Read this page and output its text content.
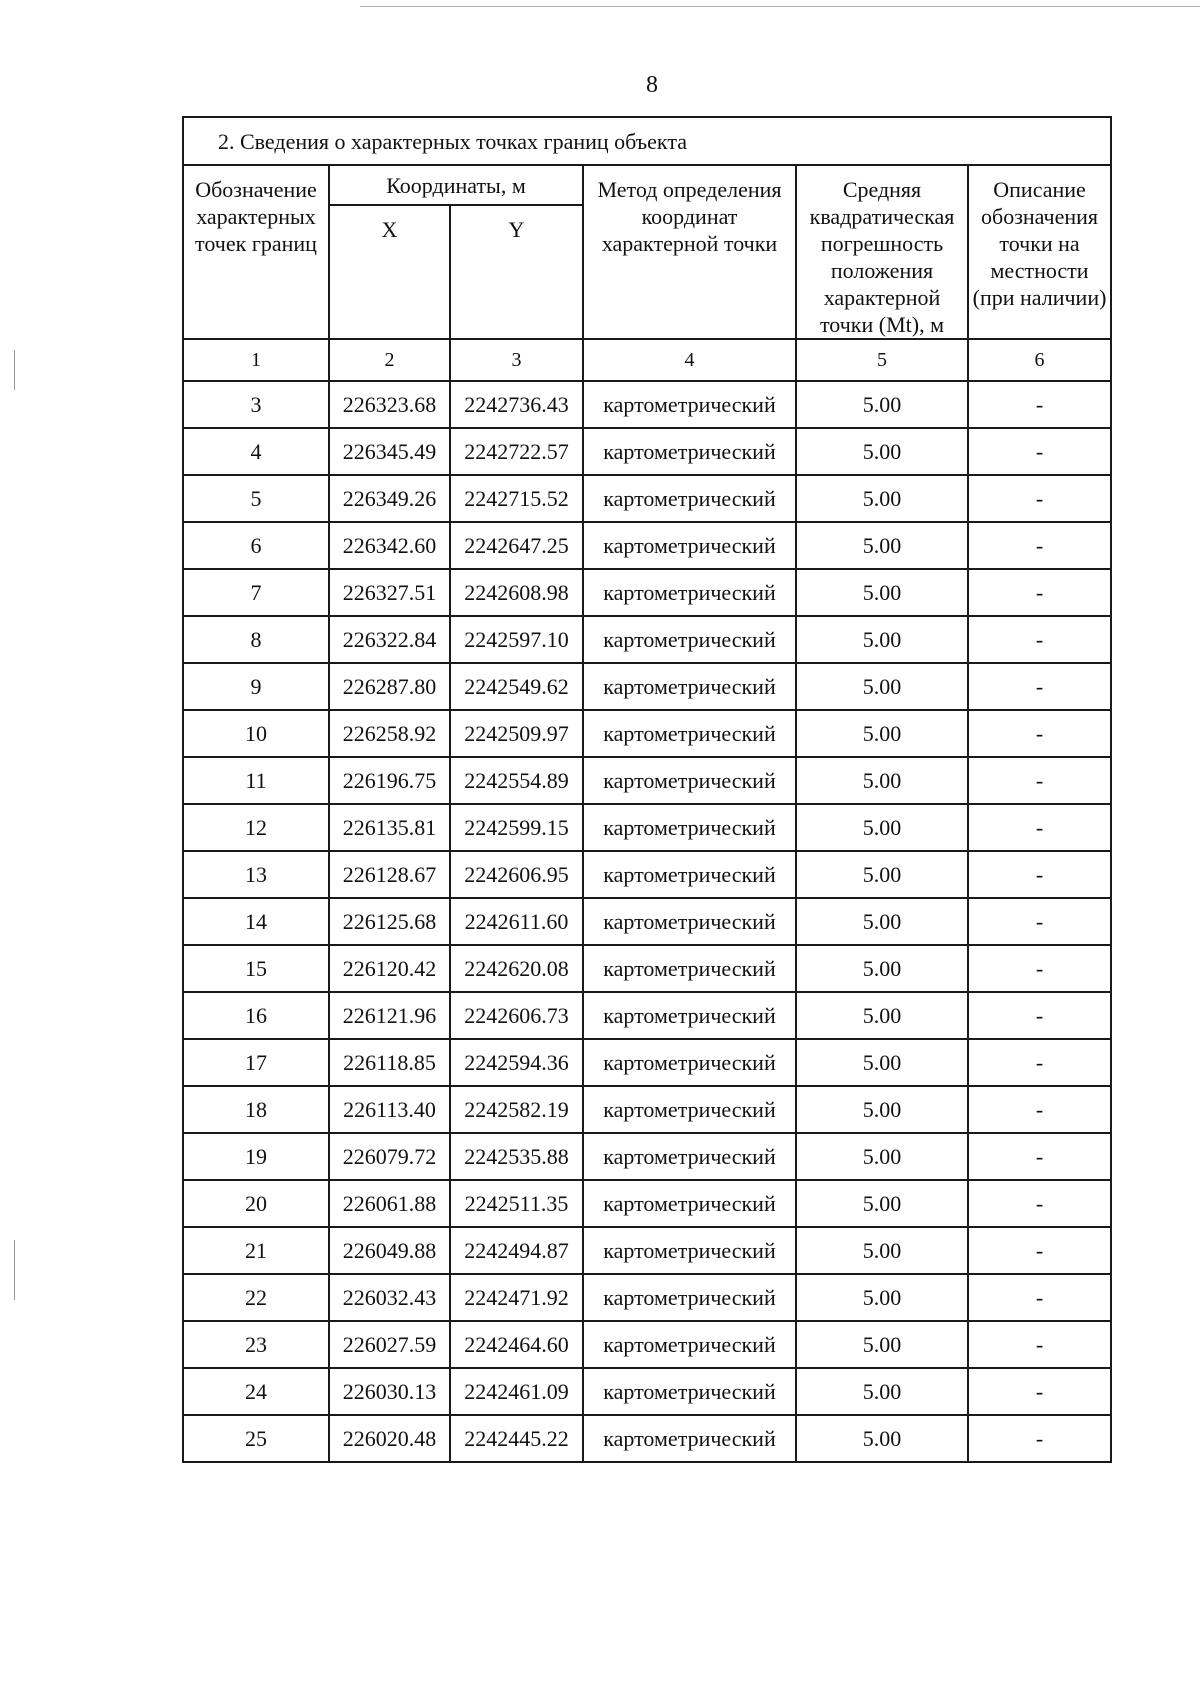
8
2. Сведения о характерных точках границ объекта					
Обозначение характерных точек границ	Координаты, м		Метод определения координат характерной точки	Средняя квадратическая погрешность положения характерной точки (Mt), м	Описание обозначения точки на местности (при наличии)
	X	Y			
1	2	3	4	5	6
3	226323.68	2242736.43	картометрический	5.00	-
4	226345.49	2242722.57	картометрический	5.00	-
5	226349.26	2242715.52	картометрический	5.00	-
6	226342.60	2242647.25	картометрический	5.00	-
7	226327.51	2242608.98	картометрический	5.00	-
8	226322.84	2242597.10	картометрический	5.00	-
9	226287.80	2242549.62	картометрический	5.00	-
10	226258.92	2242509.97	картометрический	5.00	-
11	226196.75	2242554.89	картометрический	5.00	-
12	226135.81	2242599.15	картометрический	5.00	-
13	226128.67	2242606.95	картометрический	5.00	-
14	226125.68	2242611.60	картометрический	5.00	-
15	226120.42	2242620.08	картометрический	5.00	-
16	226121.96	2242606.73	картометрический	5.00	-
17	226118.85	2242594.36	картометрический	5.00	-
18	226113.40	2242582.19	картометрический	5.00	-
19	226079.72	2242535.88	картометрический	5.00	-
20	226061.88	2242511.35	картометрический	5.00	-
21	226049.88	2242494.87	картометрический	5.00	-
22	226032.43	2242471.92	картометрический	5.00	-
23	226027.59	2242464.60	картометрический	5.00	-
24	226030.13	2242461.09	картометрический	5.00	-
25	226020.48	2242445.22	картометрический	5.00	-
